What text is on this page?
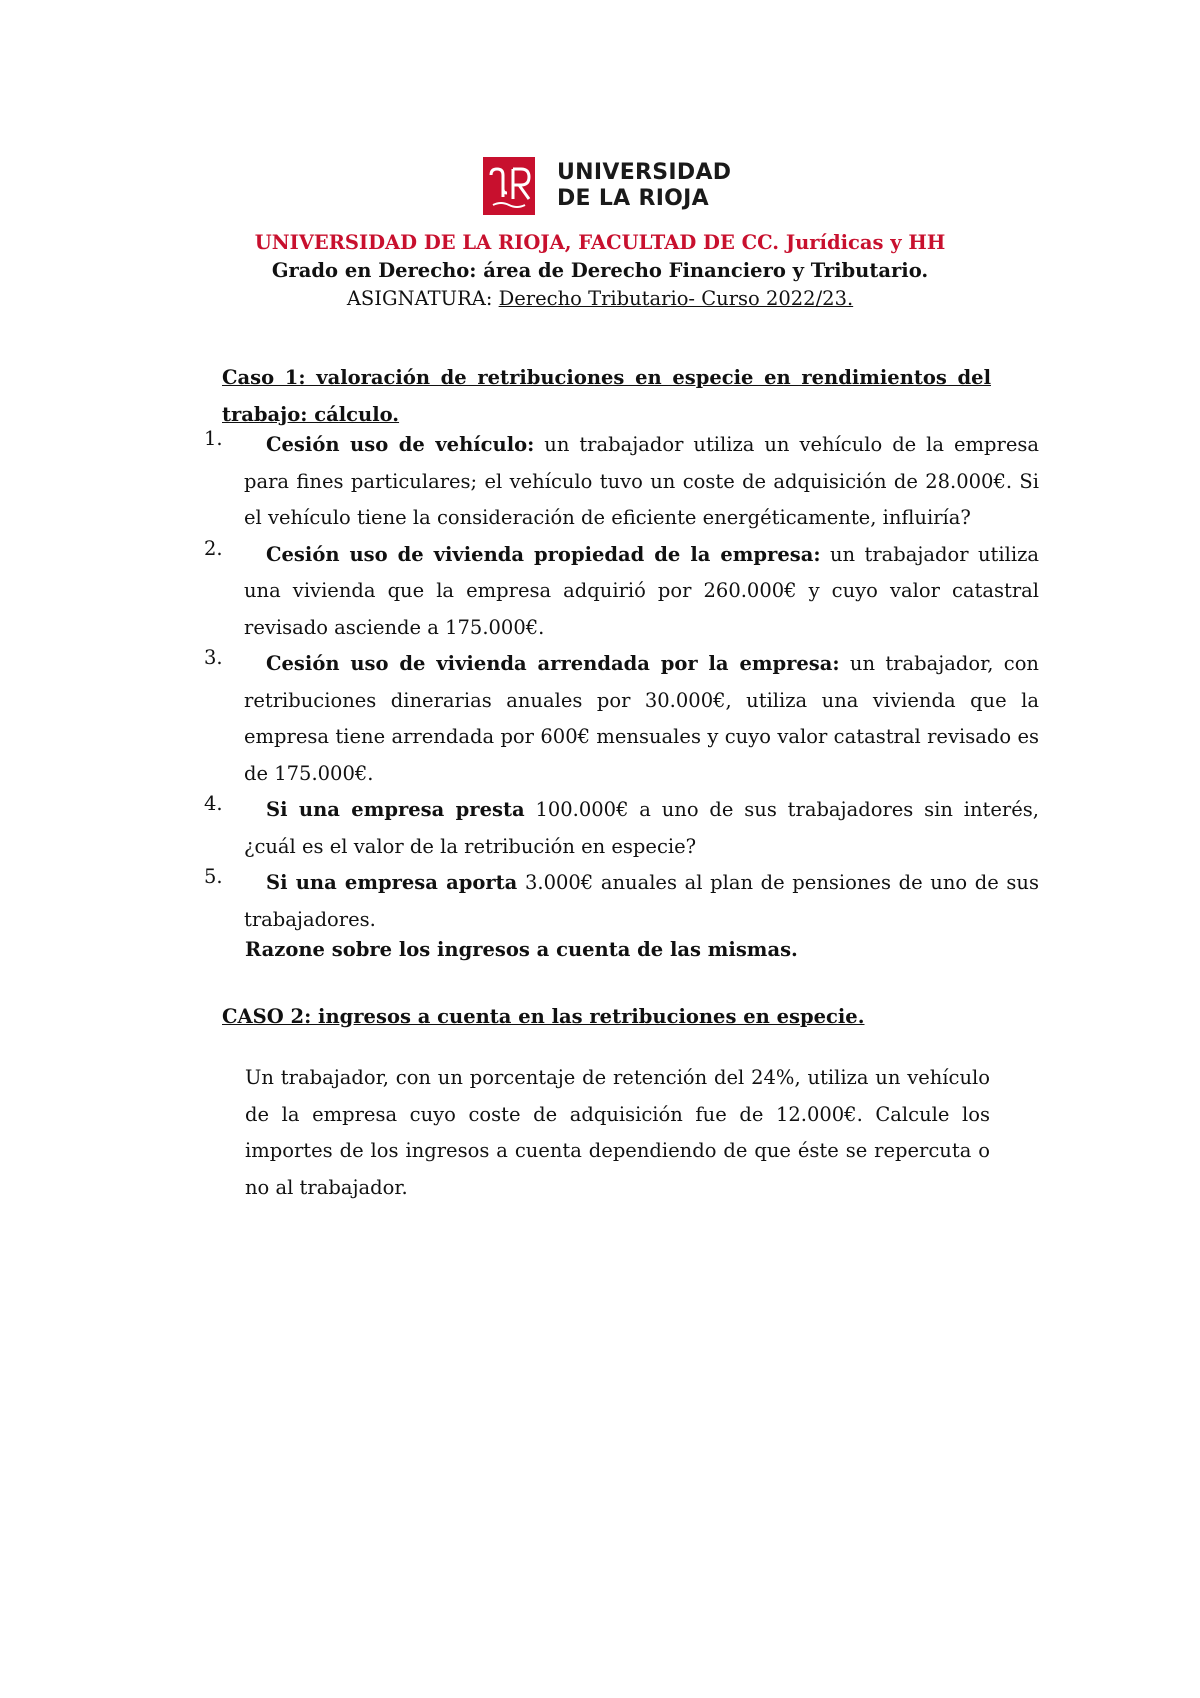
UNIVERSIDAD
DE LA RIOJA
UNIVERSIDAD DE LA RIOJA, FACULTAD DE CC. Jurídicas y HH
Grado en Derecho: área de Derecho Financiero y Tributario.
ASIGNATURA: Derecho Tributario- Curso 2022/23.
Caso 1: valoración de retribuciones en especie en rendimientos del
trabajo: cálculo.
1.	Cesión uso de vehículo: un trabajador utiliza un vehículo de la empresa para fines particulares; el vehículo tuvo un coste de adquisición de 28.000€. Si el vehículo tiene la consideración de eficiente energéticamente, influiría?
2.	Cesión uso de vivienda propiedad de la empresa: un trabajador utiliza una vivienda que la empresa adquirió por 260.000€ y cuyo valor catastral revisado asciende a 175.000€.
3.	Cesión uso de vivienda arrendada por la empresa: un trabajador, con retribuciones dinerarias anuales por 30.000€, utiliza una vivienda que la empresa tiene arrendada por 600€ mensuales y cuyo valor catastral revisado es de 175.000€.
4.	Si una empresa presta 100.000€ a uno de sus trabajadores sin interés, ¿cuál es el valor de la retribución en especie?
5.	Si una empresa aporta 3.000€ anuales al plan de pensiones de uno de sus trabajadores.
Razone sobre los ingresos a cuenta de las mismas.
CASO 2: ingresos a cuenta en las retribuciones en especie.
Un trabajador, con un porcentaje de retención del 24%, utiliza un vehículo de la empresa cuyo coste de adquisición fue de 12.000€. Calcule los importes de los ingresos a cuenta dependiendo de que éste se repercuta o no al trabajador.
